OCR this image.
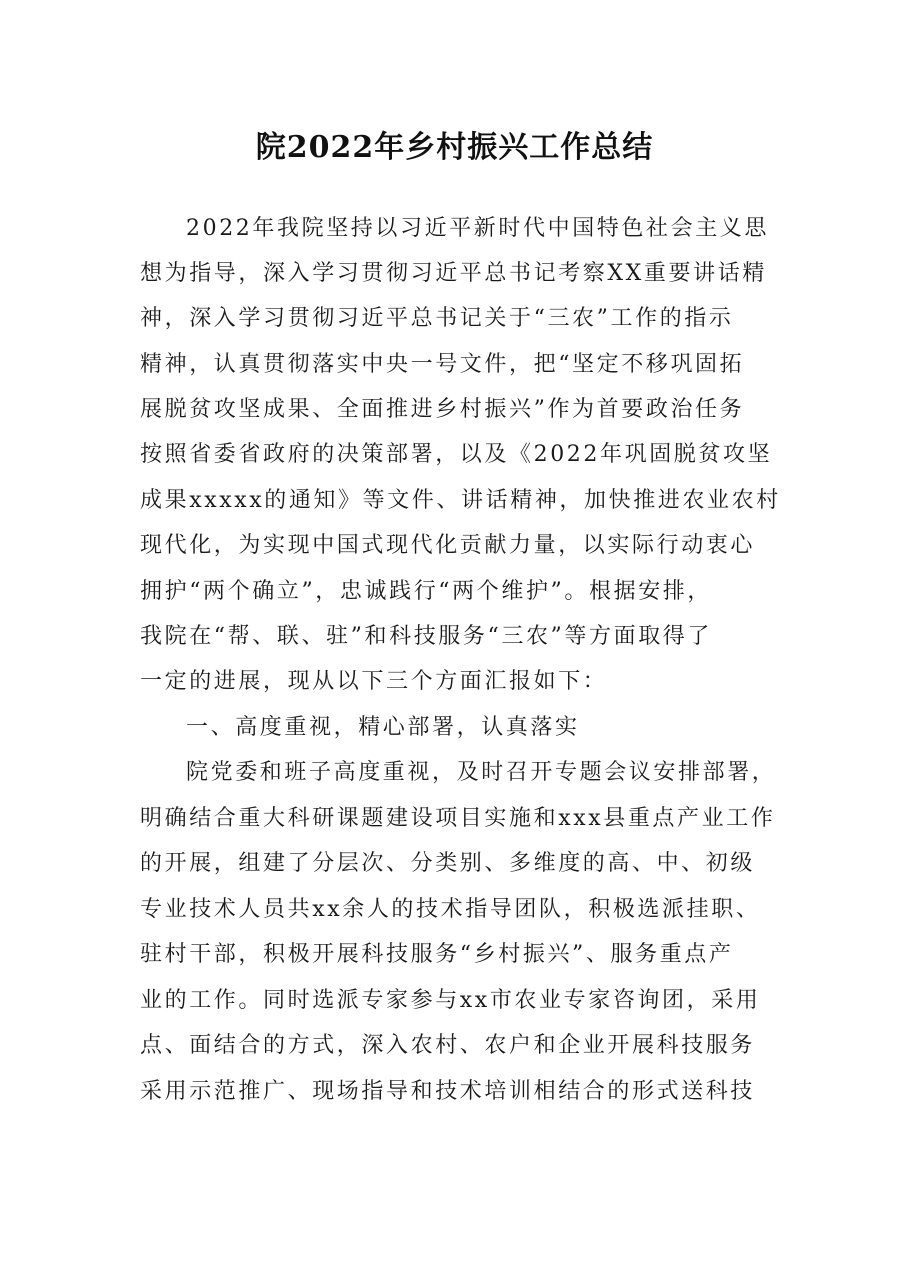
院2022年乡村振兴工作总结
2022年我院坚持以习近平新时代中国特色社会主义思
想为指导，深入学习贯彻习近平总书记考察XX重要讲话精
神，深入学习贯彻习近平总书记关于“三农”工作的指示
精神，认真贯彻落实中央一号文件，把“坚定不移巩固拓
展脱贫攻坚成果、全面推进乡村振兴”作为首要政治任务
按照省委省政府的决策部署，以及《2022年巩固脱贫攻坚
成果xxxxx的通知》等文件、讲话精神，加快推进农业农村
现代化，为实现中国式现代化贡献力量，以实际行动衷心
拥护“两个确立”，忠诚践行“两个维护”。根据安排，
我院在“帮、联、驻”和科技服务“三农”等方面取得了
一定的进展，现从以下三个方面汇报如下：
一、高度重视，精心部署，认真落实
院党委和班子高度重视，及时召开专题会议安排部署，
明确结合重大科研课题建设项目实施和xxx县重点产业工作
的开展，组建了分层次、分类别、多维度的高、中、初级
专业技术人员共xx余人的技术指导团队，积极选派挂职、
驻村干部，积极开展科技服务“乡村振兴”、服务重点产
业的工作。同时选派专家参与xx市农业专家咨询团，采用
点、面结合的方式，深入农村、农户和企业开展科技服务
采用示范推广、现场指导和技术培训相结合的形式送科技
